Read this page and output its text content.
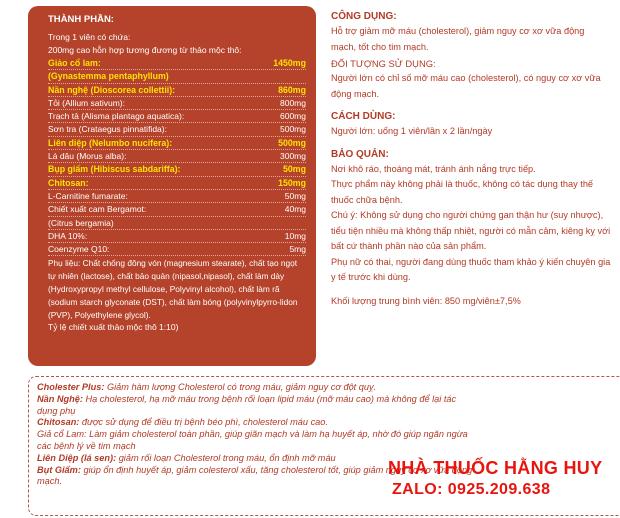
THÀNH PHẦN:
Trong 1 viên có chứa:
200mg cao hỗn hợp tương đương từ thảo mộc thô:
Giảo cổ lam:	1450mg
(Gynastemma pentaphyllum)
Nần nghệ (Dioscorea collettii):	860mg
Tỏi (Allium sativum):	800mg
Trạch tả (Alisma plantago aquatica):	600mg
Sơn tra (Crataegus pinnatifida):	500mg
Liên diệp (Nelumbo nucifera):	500mg
Lá dâu (Morus alba):	300mg
Bụp giấm (Hibiscus sabdariffa):	50mg
Chitosan:	150mg
L-Carnitine fumarate:	50mg
Chiết xuất cam Bergamot:	40mg
(Citrus bergamia)
DHA 10%:	10mg
Coenzyme Q10:	5mg
Phụ liệu: Chất chống đông vón (magnesium stearate), chất tạo ngọt tự nhiên (lactose), chất bảo quản (nipasol,nipasol), chất làm dày (Hydroxypropyl methyl cellulose, Polyvinyl alcohol), chất làm rã (sodium starch glyconate (DST), chất làm bóng (polyvinylpyrro-lidon (PVP), Polyethylene glycol).
Tỷ lệ chiết xuất thảo mộc thô 1:10)
CÔNG DỤNG:
Hỗ trợ giảm mỡ máu (cholesterol), giảm nguy cơ xơ vữa động mạch, tốt cho tim mạch.
ĐỐI TƯỢNG SỬ DỤNG:
Người lớn có chỉ số mỡ máu cao (cholesterol), có nguy cơ xơ vữa động mạch.
CÁCH DÙNG:
Người lớn: uống 1 viên/lần x 2 lần/ngày
BẢO QUẢN:
Nơi khô ráo, thoáng mát, tránh ánh nắng trực tiếp.
Thực phẩm này không phải là thuốc, không có tác dụng thay thế thuốc chữa bệnh.
Chú ý: Không sử dụng cho người chứng gan thận hư (suy nhược), tiểu tiện nhiều mà không thấp nhiệt, người có mẫn cảm, kiêng kỵ với bất cứ thành phần nào của sản phẩm.
Phụ nữ có thai, người đang dùng thuốc tham khảo ý kiến chuyên gia y tế trước khi dùng.
Khối lượng trung bình viên: 850 mg/viên±7,5%
Cholester Plus: Giảm hàm lượng Cholesterol có trong máu, giảm nguy cơ đột quỵ.
Nần Nghệ: Hạ cholesterol, hạ mỡ máu trong bệnh rối loạn lipid máu (mỡ máu cao) mà không để lại tác
dụng phụ
Chitosan: được sử dụng để điều trị bệnh béo phì, cholesterol máu cao.
Giả cổ Lam: Làm giảm cholesterol toàn phần, giúp giãn mạch và làm hạ huyết áp, nhờ đó giúp ngăn ngừa
các bệnh lý về tim mạch
Liên Diệp (lá sen): giảm rối loạn Cholesterol trong máu, ổn định mỡ máu
Bụt Giấm: giúp ổn định huyết áp, giảm colesterol xấu, tăng cholesterol tốt, giúp giảm nguy cơ xơ vữa động
mạch.
NHÀ THUỐC HẰNG HUY
ZALO: 0925.209.638
